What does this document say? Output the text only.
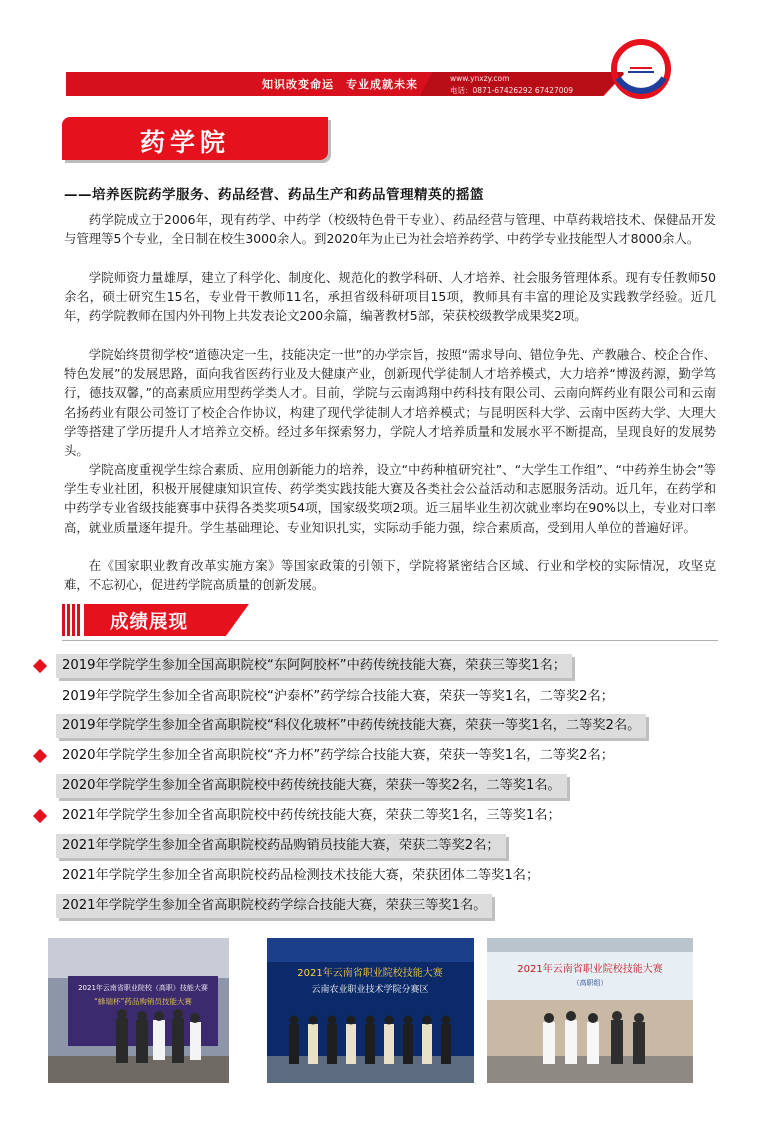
知识改变命运　专业成就未来	www.ynxzy.com
电话：0871-67426292 67427009
药学院
——培养医院药学服务、药品经营、药品生产和药品管理精英的摇篮

药学院成立于2006年，现有药学、中药学（校级特色骨干专业）、药品经营与管理、中草药栽培技术、保健品开发与管理等5个专业，全日制在校生3000余人。到2020年为止已为社会培养药学、中药学专业技能型人才8000余人。

学院师资力量雄厚，建立了科学化、制度化、规范化的教学科研、人才培养、社会服务管理体系。现有专任教师50余名，硕士研究生15名，专业骨干教师11名，承担省级科研项目15项，教师具有丰富的理论及实践教学经验。近几年，药学院教师在国内外刊物上共发表论文200余篇，编著教材5部，荣获校级教学成果奖2项。

学院始终贯彻学校“道德决定一生，技能决定一世”的办学宗旨，按照“需求导向、错位争先、产教融合、校企合作、特色发展”的发展思路，面向我省医药行业及大健康产业，创新现代学徒制人才培养模式，大力培养“博汲药源，勤学笃行，德技双馨，”的高素质应用型药学类人才。目前，学院与云南鸿翔中药科技有限公司、云南向辉药业有限公司和云南名扬药业有限公司签订了校企合作协议，构建了现代学徒制人才培养模式；与昆明医科大学、云南中医药大学、大理大学等搭建了学历提升人才培养立交桥。经过多年探索努力，学院人才培养质量和发展水平不断提高，呈现良好的发展势头。

学院高度重视学生综合素质、应用创新能力的培养，设立“中药种植研究社”、“大学生工作组”、“中药养生协会”等学生专业社团，积极开展健康知识宣传、药学类实践技能大赛及各类社会公益活动和志愿服务活动。近几年，在药学和中药学专业省级技能赛事中获得各类奖项54项，国家级奖项2项。近三届毕业生初次就业率均在90%以上，专业对口率高，就业质量逐年提升。学生基础理论、专业知识扎实，实际动手能力强，综合素质高，受到用人单位的普遍好评。

在《国家职业教育改革实施方案》等国家政策的引领下，学院将紧密结合区域、行业和学校的实际情况，攻坚克难，不忘初心，促进药学院高质量的创新发展。

成绩展现
2019年学院学生参加全国高职院校“东阿阿胶杯”中药传统技能大赛，荣获三等奖1名；
2019年学院学生参加全省高职院校“沪泰杯”药学综合技能大赛，荣获一等奖1名，二等奖2名；
2019年学院学生参加全省高职院校“科仪化玻杯”中药传统技能大赛，荣获一等奖1名，二等奖2名。
2020年学院学生参加全省高职院校“齐力杯”药学综合技能大赛，荣获一等奖1名，二等奖2名；
2020年学院学生参加全省高职院校中药传统技能大赛，荣获一等奖2名，二等奖1名。
2021年学院学生参加全省高职院校中药传统技能大赛，荣获二等奖1名，三等奖1名；
2021年学院学生参加全省高职院校药品购销员技能大赛，荣获二等奖2名；
2021年学院学生参加全省高职院校药品检测技术技能大赛，荣获团体二等奖1名；
2021年学院学生参加全省高职院校药学综合技能大赛，荣获三等奖1名。
2021年云南省职业院校（高职）技能大赛
“蜂瑞杯”药品购销员技能大赛
2021年云南省职业院校技能大赛
云南农业职业技术学院分赛区
2021年云南省职业院校技能大赛
（高职组）
